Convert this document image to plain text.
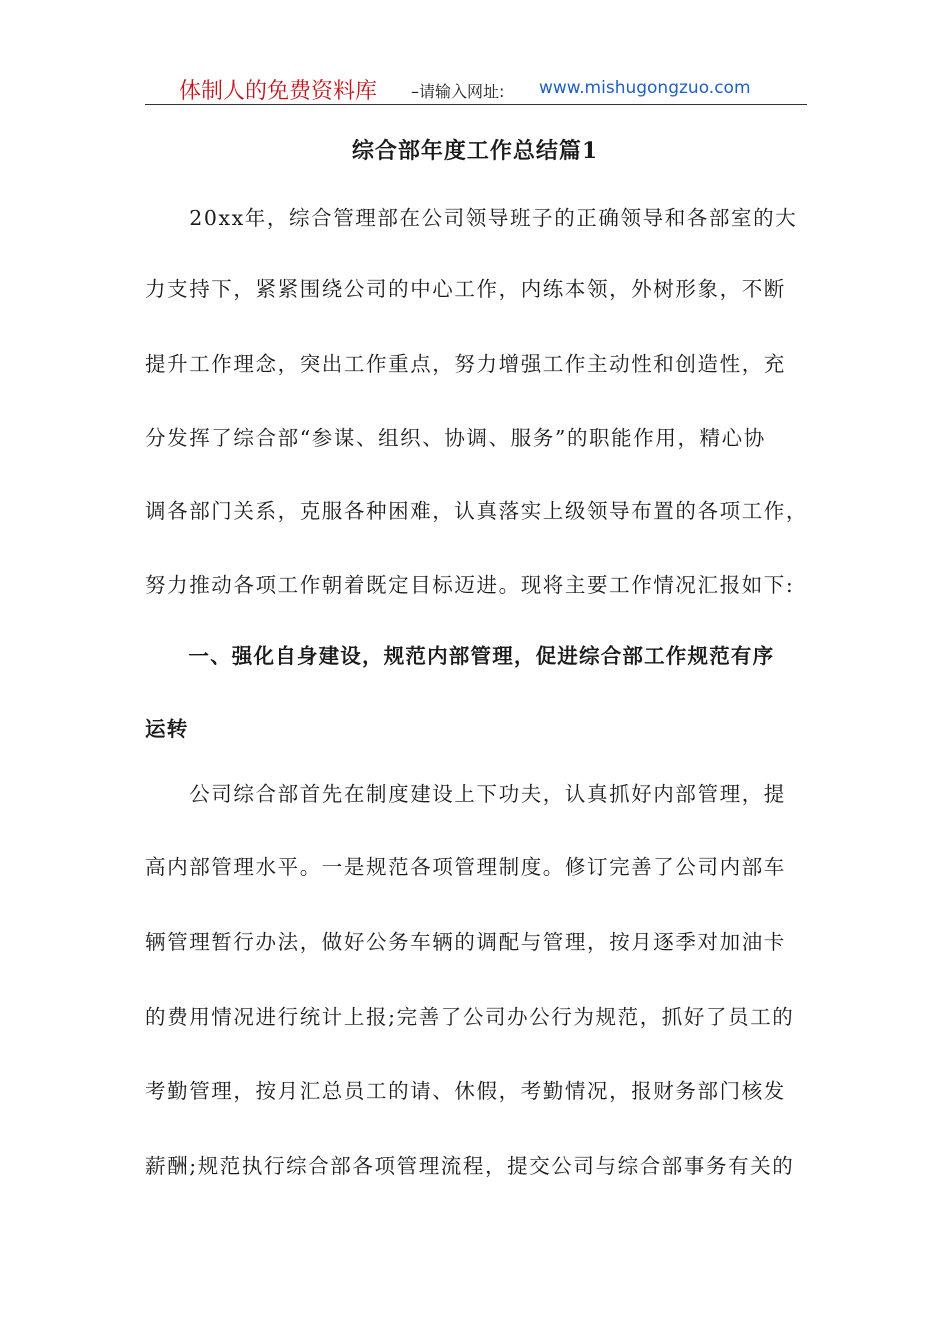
体制人的免费资料库 –请输入网址: www.mishugongzuo.com
综合部年度工作总结篇1
　　20xx年，综合管理部在公司领导班子的正确领导和各部室的大
力支持下，紧紧围绕公司的中心工作，内练本领，外树形象，不断
提升工作理念，突出工作重点，努力增强工作主动性和创造性，充
分发挥了综合部“参谋、组织、协调、服务”的职能作用，精心协
调各部门关系，克服各种困难，认真落实上级领导布置的各项工作，
努力推动各项工作朝着既定目标迈进。现将主要工作情况汇报如下:
　　一、强化自身建设，规范内部管理，促进综合部工作规范有序
运转
　　公司综合部首先在制度建设上下功夫，认真抓好内部管理，提
高内部管理水平。一是规范各项管理制度。修订完善了公司内部车
辆管理暂行办法，做好公务车辆的调配与管理，按月逐季对加油卡
的费用情况进行统计上报;完善了公司办公行为规范，抓好了员工的
考勤管理，按月汇总员工的请、休假，考勤情况，报财务部门核发
薪酬;规范执行综合部各项管理流程，提交公司与综合部事务有关的
